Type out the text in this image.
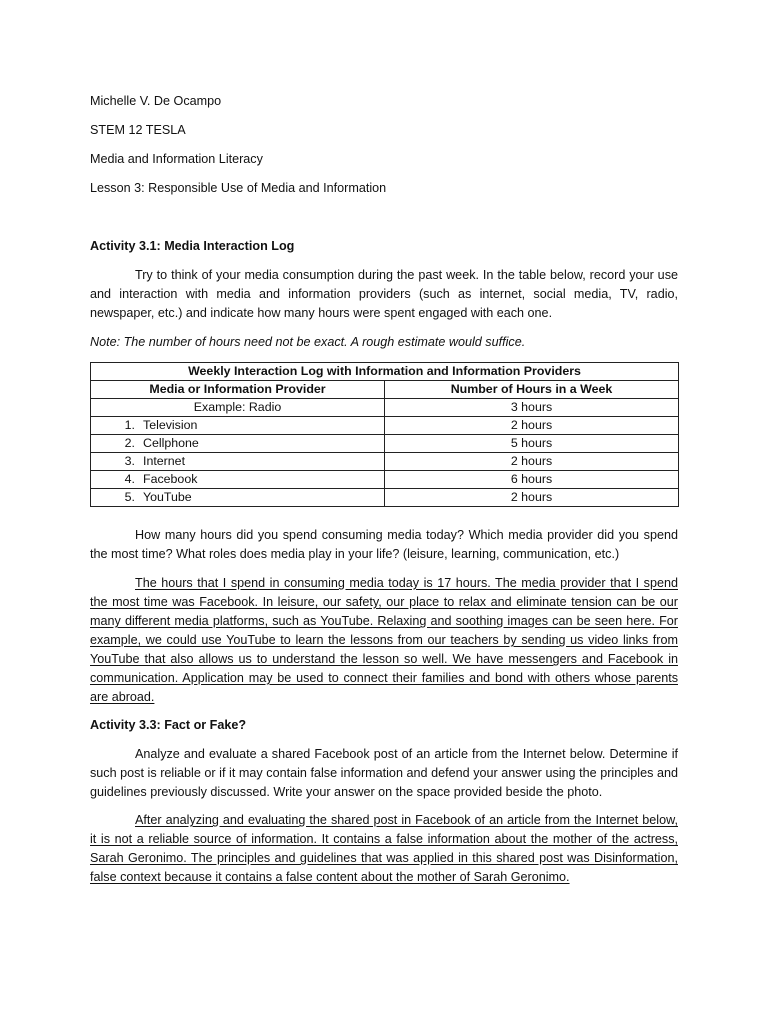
Michelle V. De Ocampo
STEM 12 TESLA
Media and Information Literacy
Lesson 3: Responsible Use of Media and Information
Activity 3.1: Media Interaction Log

Try to think of your media consumption during the past week. In the table below, record your use and interaction with media and information providers (such as internet, social media, TV, radio, newspaper, etc.) and indicate how many hours were spent engaged with each one.

Note: The number of hours need not be exact. A rough estimate would suffice.

Weekly Interaction Log with Information and Information Providers	
Media or Information Provider	Number of Hours in a Week
Example: Radio	3 hours
1. Television	2 hours
2. Cellphone	5 hours
3. Internet	2 hours
4. Facebook	6 hours
5. YouTube	2 hours

How many hours did you spend consuming media today? Which media provider did you spend the most time? What roles does media play in your life? (leisure, learning, communication, etc.)

The hours that I spend in consuming media today is 17 hours. The media provider that I spend the most time was Facebook. In leisure, our safety, our place to relax and eliminate tension can be our many different media platforms, such as YouTube. Relaxing and soothing images can be seen here. For example, we could use YouTube to learn the lessons from our teachers by sending us video links from YouTube that also allows us to understand the lesson so well. We have messengers and Facebook in communication. Application may be used to connect their families and bond with others whose parents are abroad.

Activity 3.3: Fact or Fake?

Analyze and evaluate a shared Facebook post of an article from the Internet below. Determine if such post is reliable or if it may contain false information and defend your answer using the principles and guidelines previously discussed. Write your answer on the space provided beside the photo.

After analyzing and evaluating the shared post in Facebook of an article from the Internet below, it is not a reliable source of information. It contains a false information about the mother of the actress, Sarah Geronimo. The principles and guidelines that was applied in this shared post was Disinformation, false context because it contains a false content about the mother of Sarah Geronimo.
